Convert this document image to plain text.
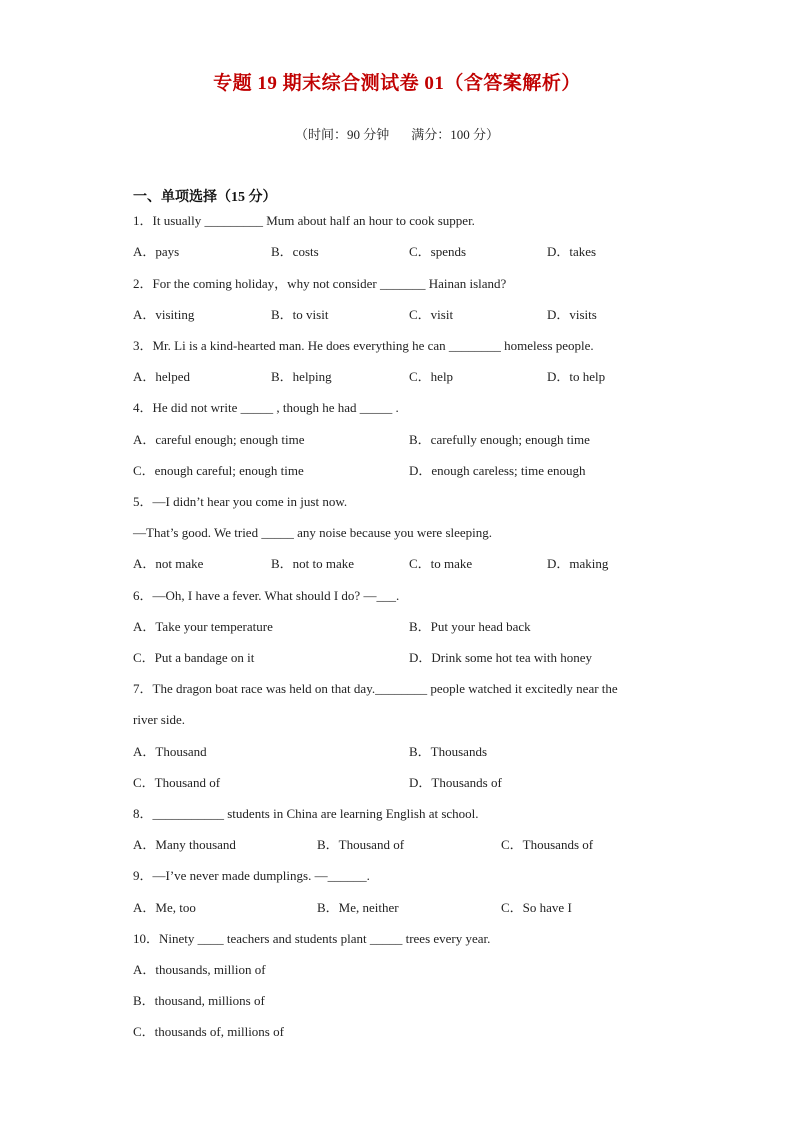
专题 19 期末综合测试卷 01（含答案解析）
（时间：90 分钟 满分：100 分）
一、单项选择（15 分）
1．It usually _________ Mum about half an hour to cook supper.
A．pays	B．costs	C．spends	D．takes
2．For the coming holiday，why not consider _______ Hainan island?
A．visiting	B．to visit	C．visit	D．visits
3．Mr. Li is a kind-hearted man. He does everything he can ________ homeless people.
A．helped	B．helping	C．help	D．to help
4．He did not write _____ , though he had _____ .
A．careful enough; enough time	B．carefully enough; enough time
C．enough careful; enough time	D．enough careless; time enough
5．—I didn’t hear you come in just now.
—That’s good. We tried _____ any noise because you were sleeping.
A．not make	B．not to make	C．to make	D．making
6．—Oh, I have a fever. What should I do? —___.
A．Take your temperature	B．Put your head back
C．Put a bandage on it	D．Drink some hot tea with honey
7．The dragon boat race was held on that day.________ people watched it excitedly near the
river side.
A．Thousand	B．Thousands
C．Thousand of	D．Thousands of
8．___________ students in China are learning English at school.
A．Many thousand	B．Thousand of	C．Thousands of
9．—I’ve never made dumplings. —______.
A．Me, too	B．Me, neither	C．So have I
10．Ninety ____ teachers and students plant _____ trees every year.
A．thousands, million of
B．thousand, millions of
C．thousands of, millions of
